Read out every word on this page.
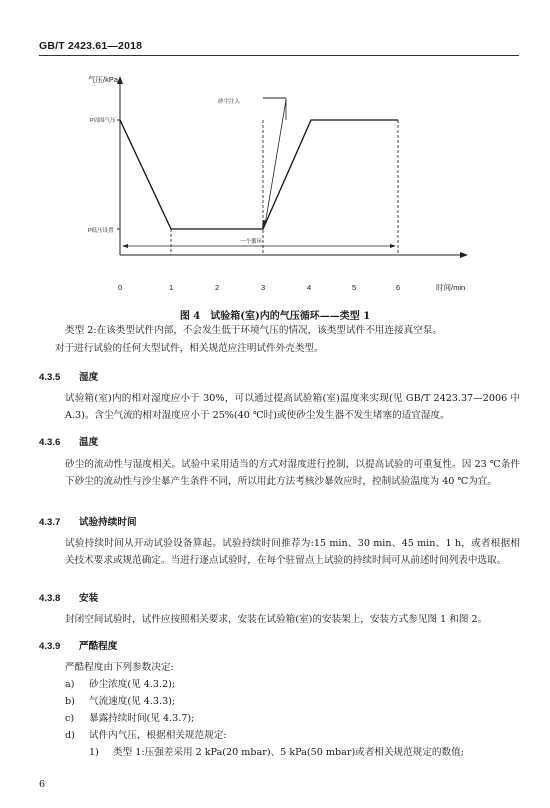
GB/T 2423.61—2018
气压/kPa
P周围气压
P低压设置
砂尘注入
一个循环
0	1	2	3	4	5	6	时间/min
图 4　试验箱(室)内的气压循环——类型 1
类型 2:在该类型试件内部，不会发生低于环境气压的情况，该类型试件不用连接真空泵。
对于进行试验的任何大型试件，相关规范应注明试件外壳类型。
4.3.5 湿度
试验箱(室)内的相对湿度应小于 30%，可以通过提高试验箱(室)温度来实现(见 GB/T 2423.37—2006 中 A.3)。含尘气流的相对湿度应小于 25%(40 ℃时)或使砂尘发生器不发生堵塞的适宜湿度。
4.3.6 温度
砂尘的流动性与湿度相关。试验中采用适当的方式对湿度进行控制，以提高试验的可重复性。因 23 ℃条件下砂尘的流动性与沙尘暴产生条件不同，所以用此方法考核沙暴效应时，控制试验温度为 40 ℃为宜。
4.3.7 试验持续时间
试验持续时间从开动试验设备算起。试验持续时间推荐为:15 min、30 min、45 min、1 h，或者根据相关技术要求或规范确定。当进行逐点试验时，在每个驻留点上试验的持续时间可从前述时间列表中选取。
4.3.8 安装
封闭空间试验时，试件应按照相关要求，安装在试验箱(室)的安装架上，安装方式参见图 1 和图 2。
4.3.9 严酷程度
严酷程度由下列参数决定:
a) 砂尘浓度(见 4.3.2);
b) 气流速度(见 4.3.3);
c) 暴露持续时间(见 4.3.7);
d) 试件内气压，根据相关规范规定:
1) 类型 1:压强差采用 2 kPa(20 mbar)、5 kPa(50 mbar)或者相关规范规定的数值;
6
